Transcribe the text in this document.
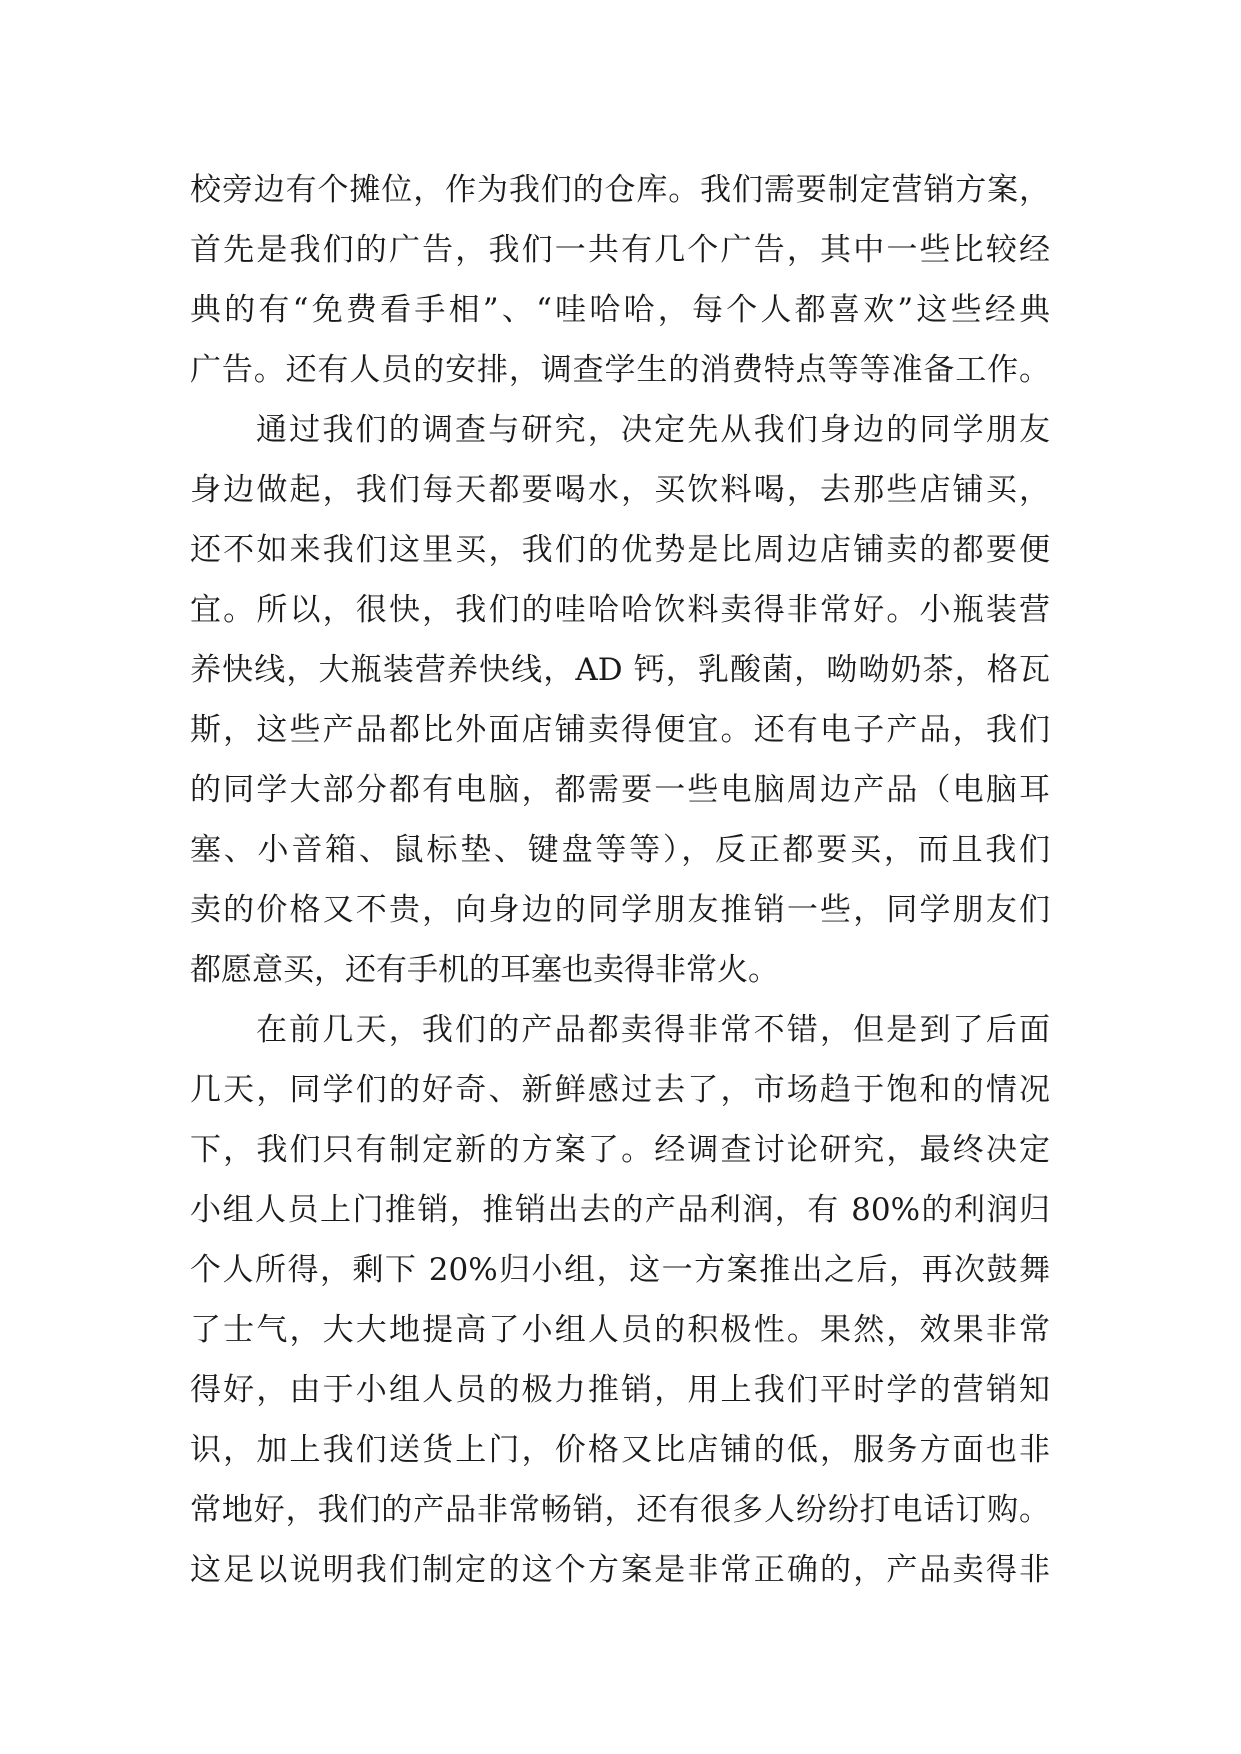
校旁边有个摊位，作为我们的仓库。我们需要制定营销方案，
首先是我们的广告，我们一共有几个广告，其中一些比较经
典的有“免费看手相”、“哇哈哈，每个人都喜欢”这些经典
广告。还有人员的安排，调查学生的消费特点等等准备工作。
通过我们的调查与研究，决定先从我们身边的同学朋友
身边做起，我们每天都要喝水，买饮料喝，去那些店铺买，
还不如来我们这里买，我们的优势是比周边店铺卖的都要便
宜。所以，很快，我们的哇哈哈饮料卖得非常好。小瓶装营
养快线，大瓶装营养快线，AD 钙，乳酸菌，呦呦奶茶，格瓦
斯，这些产品都比外面店铺卖得便宜。还有电子产品，我们
的同学大部分都有电脑，都需要一些电脑周边产品（电脑耳
塞、小音箱、鼠标垫、键盘等等），反正都要买，而且我们
卖的价格又不贵，向身边的同学朋友推销一些，同学朋友们
都愿意买，还有手机的耳塞也卖得非常火。
在前几天，我们的产品都卖得非常不错，但是到了后面
几天，同学们的好奇、新鲜感过去了，市场趋于饱和的情况
下，我们只有制定新的方案了。经调查讨论研究，最终决定
小组人员上门推销，推销出去的产品利润，有 80%的利润归
个人所得，剩下 20%归小组，这一方案推出之后，再次鼓舞
了士气，大大地提高了小组人员的积极性。果然，效果非常
得好，由于小组人员的极力推销，用上我们平时学的营销知
识，加上我们送货上门，价格又比店铺的低，服务方面也非
常地好，我们的产品非常畅销，还有很多人纷纷打电话订购。
这足以说明我们制定的这个方案是非常正确的，产品卖得非
